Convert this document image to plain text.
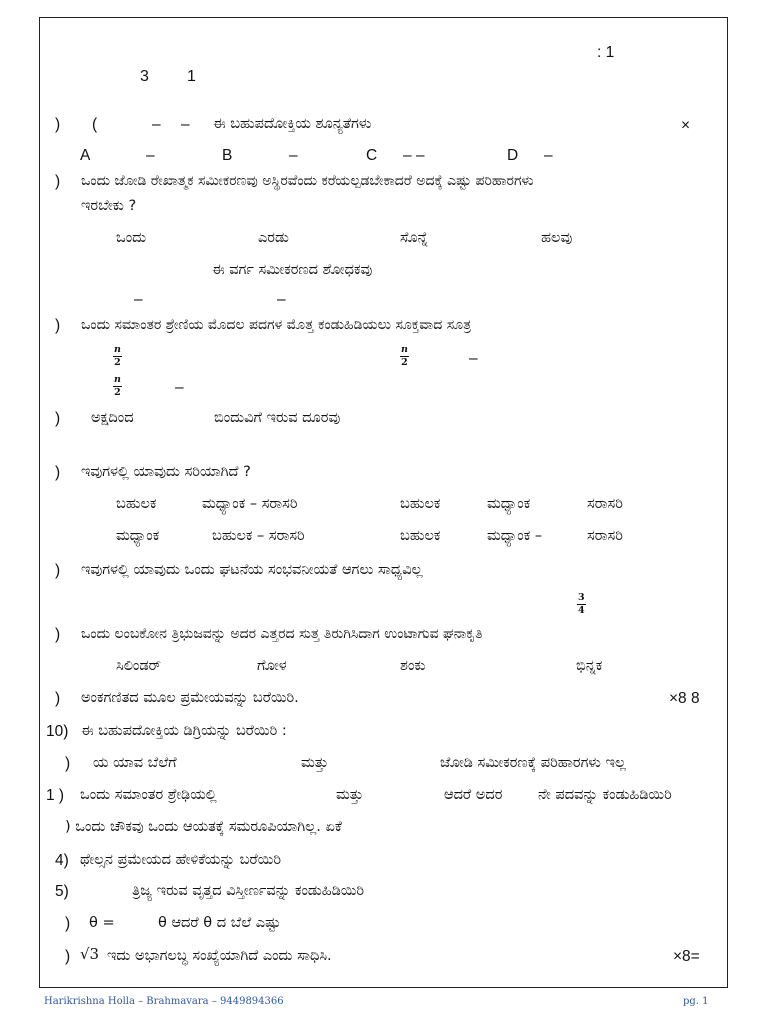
: 1
3 1
) (	– – ಈ ಬಹುಪದೋಕ್ತಿಯ ಶೂನ್ಯತೆಗಳು	×
A	–	B	–	C – –	D –
) ಒಂದು ಜೋಡಿ ರೇಖಾತ್ಮಕ ಸಮೀಕರಣವು ಅಸ್ಥಿರವೆಂದು ಕರೆಯಲ್ಪಡಬೇಕಾದರೆ ಅದಕ್ಕೆ ಎಷ್ಟು ಪರಿಹಾರಗಳು
ಇರಬೇಕು ?
ಒಂದು	ಎರಡು	ಸೊನ್ನೆ	ಹಲವು
ಈ ವರ್ಗ ಸಮೀಕರಣದ ಶೋಧಕವು
–	–
) ಒಂದು ಸಮಾಂತರ ಶ್ರೇಣಿಯ ಮೊದಲ ಪದಗಳ ಮೊತ್ತ ಕಂಡುಹಿಡಿಯಲು ಸೂಕ್ತವಾದ ಸೂತ್ರ
$\frac{n}{2}$	$\frac{n}{2}$	–
$\frac{n}{2}$	–
) ಅಕ್ಷದಿಂದ	ಬಿಂದುವಿಗೆ ಇರುವ ದೂರವು
) ಇವುಗಳಲ್ಲಿ ಯಾವುದು ಸರಿಯಾಗಿದೆ ?
ಬಹುಲಕ	ಮಧ್ಯಾಂಕ – ಸರಾಸರಿ	ಬಹುಲಕ	ಮಧ್ಯಾಂಕ	ಸರಾಸರಿ
ಮಧ್ಯಾಂಕ	ಬಹುಲಕ – ಸರಾಸರಿ	ಬಹುಲಕ	ಮಧ್ಯಾಂಕ –	ಸರಾಸರಿ
) ಇವುಗಳಲ್ಲಿ ಯಾವುದು ಒಂದು ಘಟನೆಯ ಸಂಭವನೀಯತೆ ಆಗಲು ಸಾಧ್ಯವಿಲ್ಲ
$\frac{3}{4}$
) ಒಂದು ಲಂಬಕೋನ ತ್ರಿಭುಜವನ್ನು ಅದರ ಎತ್ತರದ ಸುತ್ತ ತಿರುಗಿಸಿದಾಗ ಉಂಟಾಗುವ ಘನಾಕೃತಿ
ಸಿಲಿಂಡರ್	ಗೋಳ	ಶಂಕು	ಭಿನ್ನಕ
) ಅಂಕಗಣಿತದ ಮೂಲ ಪ್ರಮೇಯವನ್ನು ಬರೆಯಿರಿ.	×8 8
10) ಈ ಬಹುಪದೋಕ್ತಿಯ ಡಿಗ್ರಿಯನ್ನು ಬರೆಯಿರಿ :
) ಯ ಯಾವ ಬೆಲೆಗೆ	ಮತ್ತು	ಜೋಡಿ ಸಮೀಕರಣಕ್ಕೆ ಪರಿಹಾರಗಳು ಇಲ್ಲ
1 ) ಒಂದು ಸಮಾಂತರ ಶ್ರೇಢಿಯಲ್ಲಿ	ಮತ್ತು	ಆದರೆ ಅದರ ನೇ ಪದವನ್ನು ಕಂಡುಹಿಡಿಯಿರಿ
) ಒಂದು ಚೌಕವು ಒಂದು ಆಯತಕ್ಕೆ ಸಮರೂಪಿಯಾಗಿಲ್ಲ. ಏಕೆ
4) ಥೇಲ್ಸನ ಪ್ರಮೇಯದ ಹೇಳಿಕೆಯನ್ನು ಬರೆಯಿರಿ
5)	ತ್ರಿಜ್ಯ ಇರುವ ವೃತ್ತದ ವಿಸ್ತೀರ್ಣವನ್ನು ಕಂಡುಹಿಡಿಯಿರಿ
) θ =	θ ಆದರೆ θ ದ ಬೆಲೆ ಎಷ್ಟು
) √3 ಇದು ಅಭಾಗಲಬ್ಧ ಸಂಖ್ಯೆಯಾಗಿದೆ ಎಂದು ಸಾಧಿಸಿ.	×8=
Harikrishna Holla – Brahmavara – 9449894366	pg. 1
